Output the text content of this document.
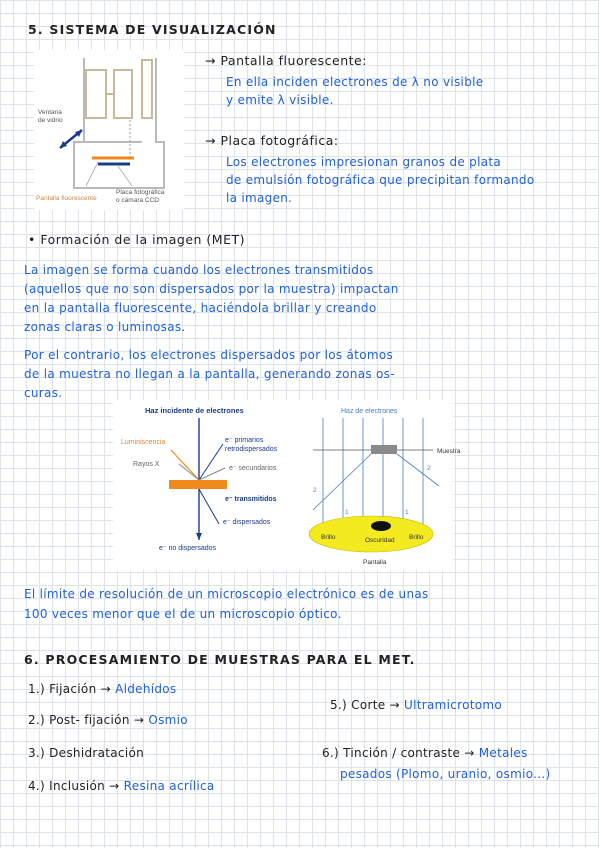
5. SISTEMA DE VISUALIZACIÓN
Ventana
de vidrio
Pantalla fluorescente
Placa fotográfica
o cámara CCD
→ Pantalla fluorescente:
En ella inciden electrones de λ no visible
y emite λ visible.
→ Placa fotográfica:
Los electrones impresionan granos de plata
de emulsión fotográfica que precipitan formando
la imagen.
• Formación de la imagen (MET)
La imagen se forma cuando los electrones transmitidos
(aquellos que no son dispersados por la muestra) impactan
en la pantalla fluorescente, haciéndola brillar y creando
zonas claras o luminosas.
Por el contrario, los electrones dispersados por los átomos
de la muestra no llegan a la pantalla, generando zonas os-
curas.
Haz incidente de electrones
Luminiscencia
Rayos X
e⁻ primarios
retrodispersados
e⁻ secundarios
e⁻ transmitidos
e⁻ dispersados
e⁻ no dispersados
Haz de electrones
Muestra
2
2
1	1
Brillo	Oscuridad Brillo
Pantalla
El límite de resolución de un microscopio electrónico es de unas
100 veces menor que el de un microscopio óptico.
6. PROCESAMIENTO DE MUESTRAS PARA EL MET.
1.) Fijación → Aldehídos
2.) Post- fijación → Osmio
3.) Deshidratación
4.) Inclusión → Resina acrílica
5.) Corte → Ultramicrotomo
6.) Tinción / contraste → Metales
pesados (Plomo, uranio, osmio...)
